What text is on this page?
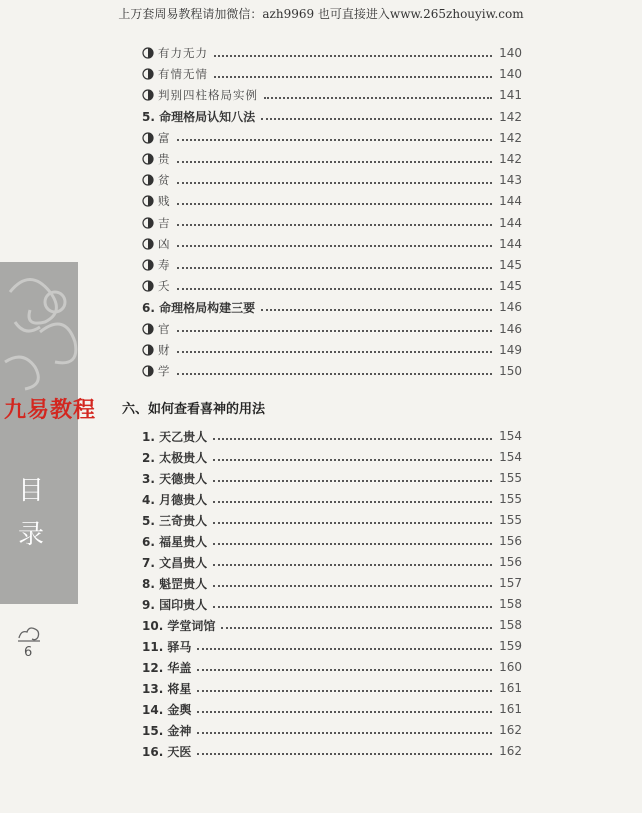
上万套周易教程请加微信：azh9969 也可直接进入www.265zhouyiw.com
九易教程
目
录
6
六、如何查看喜神的用法
有力无力	140
有情无情	140
判别四柱格局实例	141
5. 命理格局认知八法	142
富	142
贵	142
贫	143
贱	144
吉	144
凶	144
寿	145
夭	145
6. 命理格局构建三要	146
官	146
财	149
学	150
1. 天乙贵人	154
2. 太极贵人	154
3. 天德贵人	155
4. 月德贵人	155
5. 三奇贵人	155
6. 福星贵人	156
7. 文昌贵人	156
8. 魁罡贵人	157
9. 国印贵人	158
10. 学堂词馆	158
11. 驿马	159
12. 华盖	160
13. 将星	161
14. 金舆	161
15. 金神	162
16. 天医	162
